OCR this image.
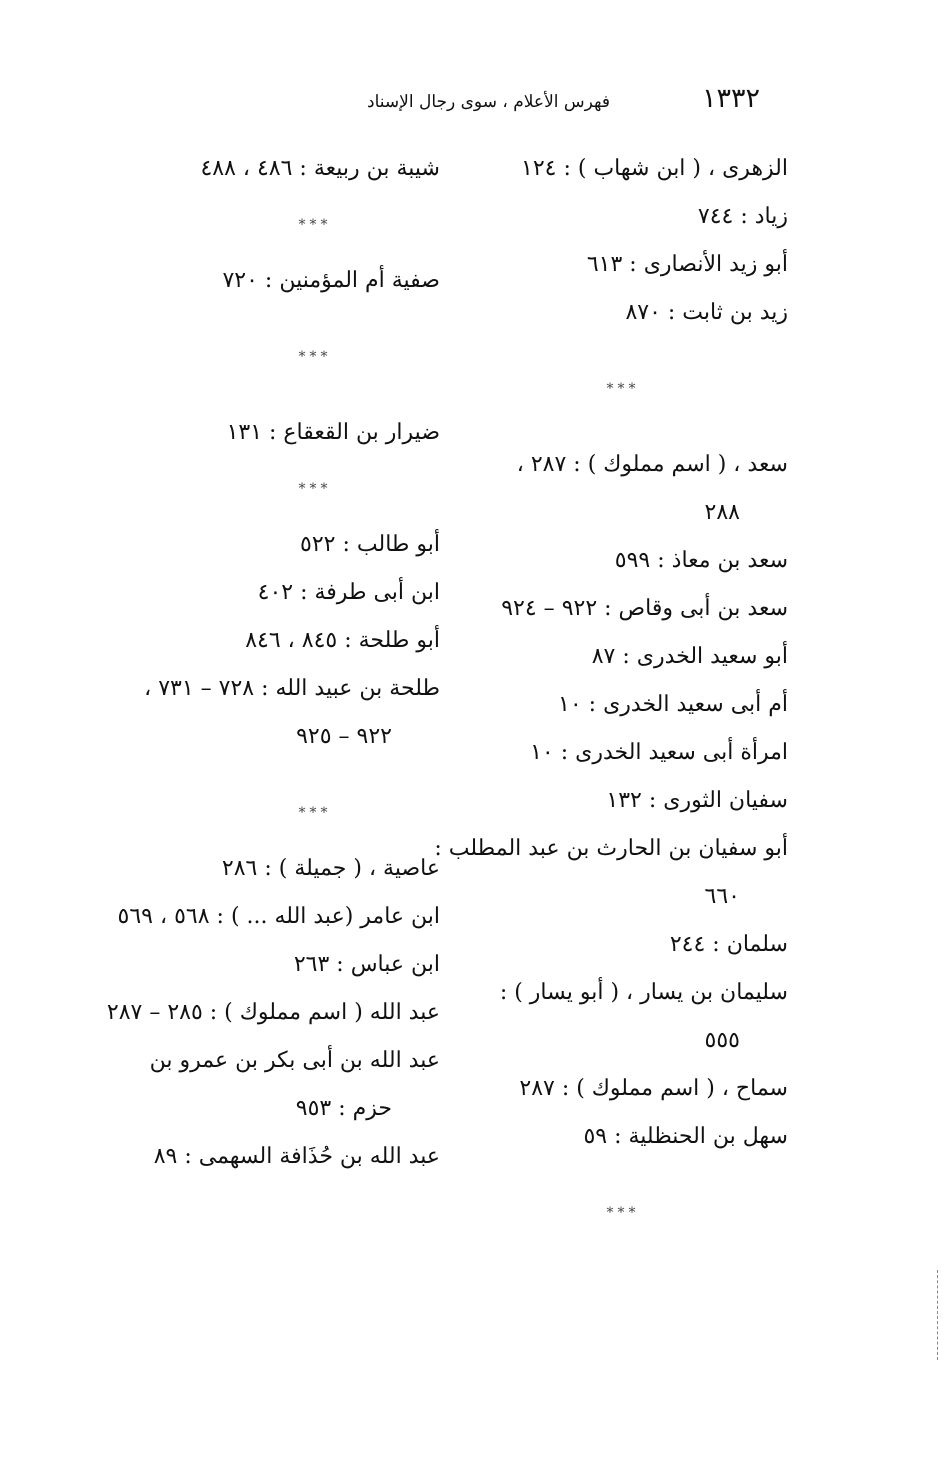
١٣٣٢
فهرس الأعلام ، سوى رجال الإسناد
الزهرى ، ( ابن شهاب ) : ١٢٤
زياد : ٧٤٤
أبو زيد الأنصارى : ٦١٣
زيد بن ثابت : ٨٧٠
***
سعد ، ( اسم مملوك ) : ٢٨٧ ،
٢٨٨
سعد بن معاذ : ٥٩٩
سعد بن أبى وقاص : ٩٢٢ – ٩٢٤
أبو سعيد الخدرى : ٨٧
أم أبى سعيد الخدرى : ١٠
امرأة أبى سعيد الخدرى : ١٠
سفيان الثورى : ١٣٢
أبو سفيان بن الحارث بن عبد المطلب :
٦٦٠
سلمان : ٢٤٤
سليمان بن يسار ، ( أبو يسار ) :
٥٥٥
سماح ، ( اسم مملوك ) : ٢٨٧
سهل بن الحنظلية : ٥٩
***
شيبة بن ربيعة : ٤٨٦ ، ٤٨٨
***
صفية أم المؤمنين : ٧٢٠
***
ضيرار بن القعقاع : ١٣١
***
أبو طالب : ٥٢٢
ابن أبى طرفة : ٤٠٢
أبو طلحة : ٨٤٥ ، ٨٤٦
طلحة بن عبيد الله : ٧٢٨ – ٧٣١ ،
٩٢٢ – ٩٢٥
***
عاصية ، ( جميلة ) : ٢٨٦
ابن عامر (عبد الله ... ) : ٥٦٨ ، ٥٦٩
ابن عباس : ٢٦٣
عبد الله ( اسم مملوك ) : ٢٨٥ – ٢٨٧
عبد الله بن أبى بكر بن عمرو بن
حزم : ٩٥٣
عبد الله بن حُذَافة السهمى : ٨٩
